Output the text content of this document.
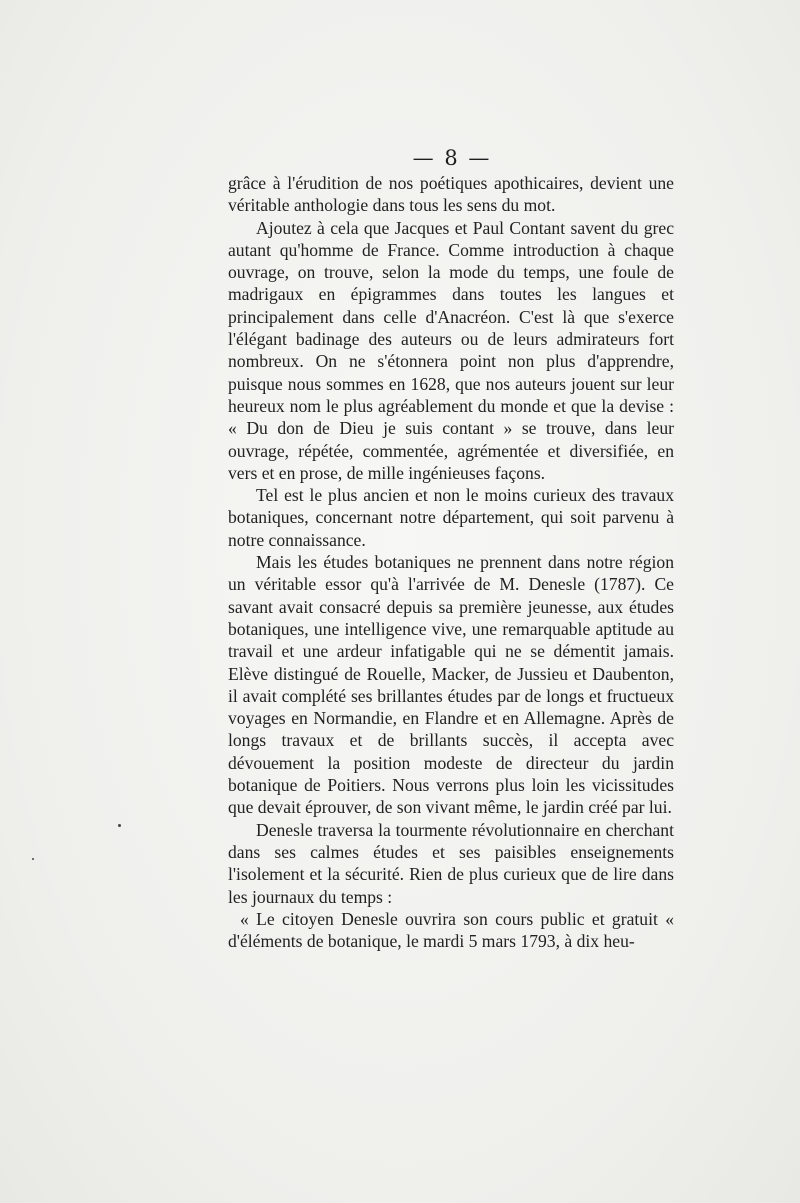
— 8 —

grâce à l'érudition de nos poétiques apothicaires, devient une véritable anthologie dans tous les sens du mot.

Ajoutez à cela que Jacques et Paul Contant savent du grec autant qu'homme de France. Comme introduction à chaque ouvrage, on trouve, selon la mode du temps, une foule de madrigaux en épigrammes dans toutes les langues et principalement dans celle d'Anacréon. C'est là que s'exerce l'élégant badinage des auteurs ou de leurs admirateurs fort nombreux. On ne s'étonnera point non plus d'apprendre, puisque nous sommes en 1628, que nos auteurs jouent sur leur heureux nom le plus agréablement du monde et que la devise : « Du don de Dieu je suis contant » se trouve, dans leur ouvrage, répétée, commentée, agrémentée et diversifiée, en vers et en prose, de mille ingénieuses façons.

Tel est le plus ancien et non le moins curieux des travaux botaniques, concernant notre département, qui soit parvenu à notre connaissance.

Mais les études botaniques ne prennent dans notre région un véritable essor qu'à l'arrivée de M. Denesle (1787). Ce savant avait consacré depuis sa première jeunesse, aux études botaniques, une intelligence vive, une remarquable aptitude au travail et une ardeur infatigable qui ne se démentit jamais. Elève distingué de Rouelle, Macker, de Jussieu et Daubenton, il avait complété ses brillantes études par de longs et fructueux voyages en Normandie, en Flandre et en Allemagne. Après de longs travaux et de brillants succès, il accepta avec dévouement la position modeste de directeur du jardin botanique de Poitiers. Nous verrons plus loin les vicissitudes que devait éprouver, de son vivant même, le jardin créé par lui.

Denesle traversa la tourmente révolutionnaire en cherchant dans ses calmes études et ses paisibles enseignements l'isolement et la sécurité. Rien de plus curieux que de lire dans les journaux du temps :

« Le citoyen Denesle ouvrira son cours public et gratuit « d'éléments de botanique, le mardi 5 mars 1793, à dix heu-
